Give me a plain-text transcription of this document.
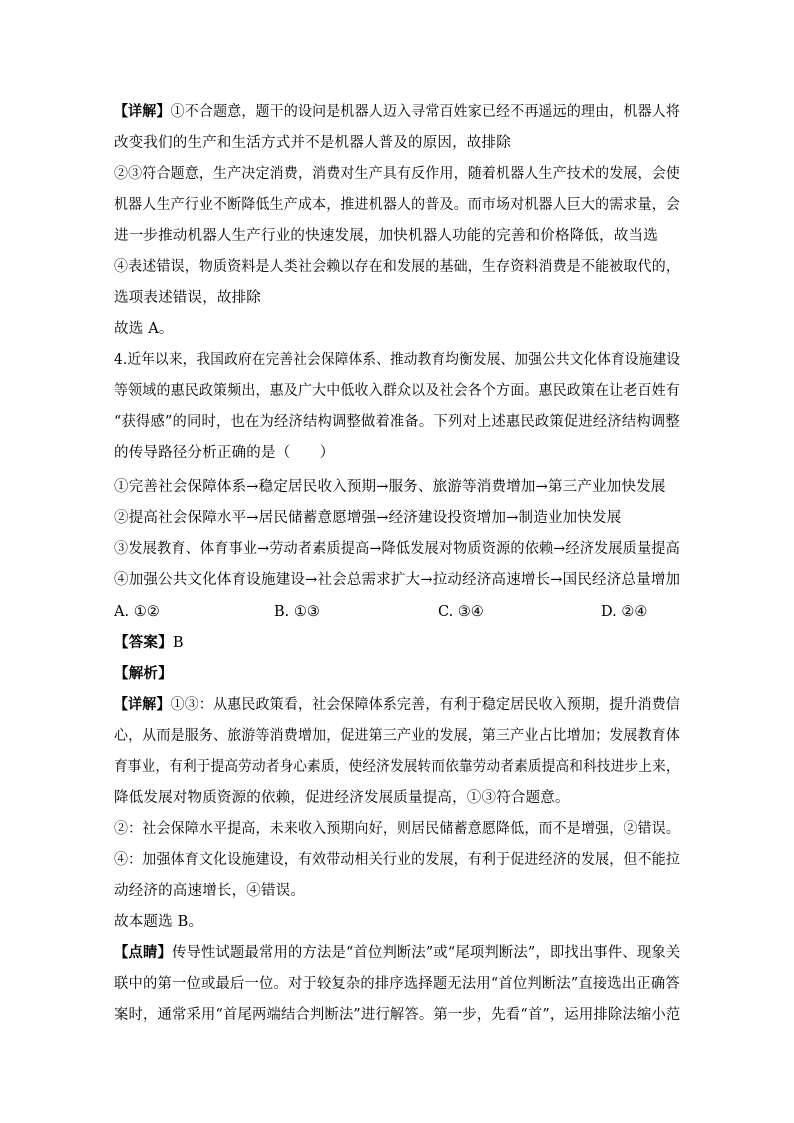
【详解】①不合题意，题干的设问是机器人迈入寻常百姓家已经不再遥远的理由，机器人将
改变我们的生产和生活方式并不是机器人普及的原因，故排除
②③符合题意，生产决定消费，消费对生产具有反作用，随着机器人生产技术的发展，会使
机器人生产行业不断降低生产成本，推进机器人的普及。而市场对机器人巨大的需求量，会
进一步推动机器人生产行业的快速发展，加快机器人功能的完善和价格降低，故当选
④表述错误，物质资料是人类社会赖以存在和发展的基础，生存资料消费是不能被取代的，
选项表述错误，故排除
故选 A。
4.近年以来，我国政府在完善社会保障体系、推动教育均衡发展、加强公共文化体育设施建设
等领域的惠民政策频出，惠及广大中低收入群众以及社会各个方面。惠民政策在让老百姓有
“获得感”的同时，也在为经济结构调整做着准备。下列对上述惠民政策促进经济结构调整
的传导路径分析正确的是（　　）
①完善社会保障体系→稳定居民收入预期→服务、旅游等消费增加→第三产业加快发展
②提高社会保障水平→居民储蓄意愿增强→经济建设投资增加→制造业加快发展
③发展教育、体育事业→劳动者素质提高→降低发展对物质资源的依赖→经济发展质量提高
④加强公共文化体育设施建设→社会总需求扩大→拉动经济高速增长→国民经济总量增加
A. ①②	B. ①③	C. ③④	D. ②④
【答案】B
【解析】
【详解】①③：从惠民政策看，社会保障体系完善，有利于稳定居民收入预期，提升消费信
心，从而是服务、旅游等消费增加，促进第三产业的发展，第三产业占比增加；发展教育体
育事业，有利于提高劳动者身心素质，使经济发展转而依靠劳动者素质提高和科技进步上来，
降低发展对物质资源的依赖，促进经济发展质量提高，①③符合题意。
②：社会保障水平提高，未来收入预期向好，则居民储蓄意愿降低，而不是增强，②错误。
④：加强体育文化设施建设，有效带动相关行业的发展，有利于促进经济的发展，但不能拉
动经济的高速增长，④错误。
故本题选 B。
【点睛】传导性试题最常用的方法是“首位判断法”或“尾项判断法”，即找出事件、现象关
联中的第一位或最后一位。对于较复杂的排序选择题无法用“首位判断法”直接选出正确答
案时，通常采用“首尾两端结合判断法”进行解答。第一步，先看“首”，运用排除法缩小范
